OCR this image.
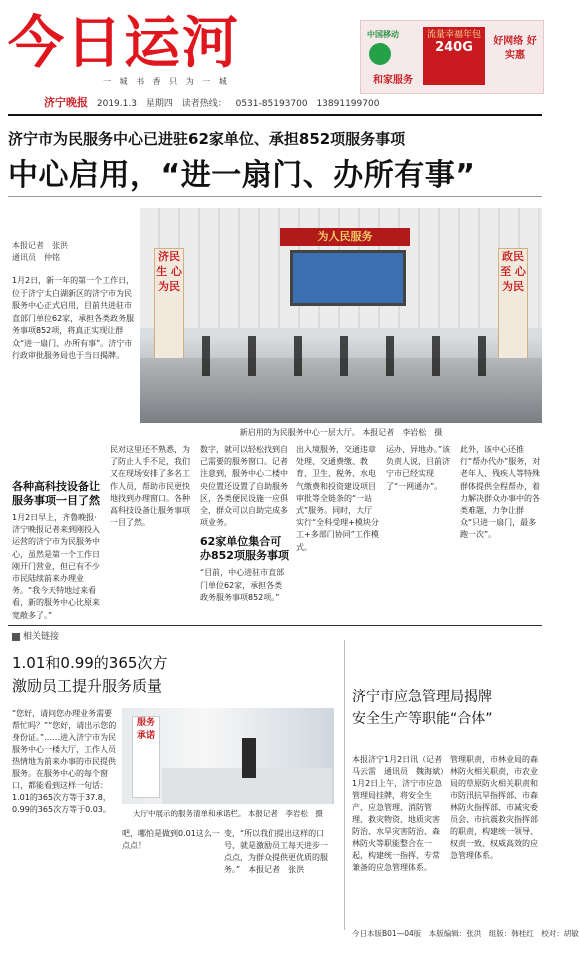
今日运河
一 城 书 香 只 为 一 城
济宁晚报 2019.1.3 星期四 读者热线： 0531-85193700 13891199700
中国移动
和家服务
流量幸福年包
240G	好网络 好实惠
济宁市为民服务中心已进驻62家单位、承担852项服务事项
中心启用，“进一扇门、办所有事”
本报记者　张洪
通讯员　仲铭
1月2日，新一年的第一个工作日，位于济宁太白湖新区的济宁市为民服务中心正式启用，目前共进驻市直部门单位62家，承担各类政务服务事项852项，将真正实现让群众“进一扇门、办所有事”。济宁市行政审批服务局也于当日揭牌。
为人民服务
济民生 心为民
政民至 心为民
新启用的为民服务中心一层大厅。 本报记者　李岩松　摄
各种高科技设备让服务事项一目了然
1月2日早上，齐鲁晚报·济宁晚报记者来到刚投入运营的济宁市为民服务中心，虽然是第一个工作日刚开门营业，但已有不少市民陆续前来办理业务。“我今天特地过来看看，新的服务中心比原来宽敞多了。”
民对这里还不熟悉，为了防止人手不足，我们又在现场安排了多名工作人员，帮助市民更快地找到办理窗口。各种高科技设备让服务事项一目了然。
数字，就可以轻松找到自己需要的服务窗口。记者注意到，服务中心二楼中央位置还设置了自助服务区，各类便民设施一应俱全，群众可以自助完成多项业务。
62家单位集合可办852项服务事项
“目前，中心进驻市直部门单位62家，承担各类政务服务事项852项。”
出入境服务，交通违章处理、交通费缴、教育、卫生、税务、水电气缴费和投资建设项目审批等全链条的“一站式”服务。同时，大厅实行“全科受理+模块分工+多部门协同”工作模式。
运办、异地办。”该负责人说，目前济宁市已经实现了“一网通办”。
此外，该中心还推行“帮办代办”服务，对老年人、残疾人等特殊群体提供全程帮办，着力解决群众办事中的各类难题，力争让群众“只进一扇门，最多跑一次”。
相关链接
1.01和0.99的365次方
激励员工提升服务质量
“您好，请问您办理业务需要帮忙吗？”“您好，请出示您的身份证。”……进入济宁市为民服务中心一楼大厅，工作人员热情地为前来办事的市民提供服务。在服务中心的每个窗口，都能看到这样一句话：1.01的365次方等于37.8，0.99的365次方等于0.03。
服务承诺
大厅中展示的服务清单和承诺栏。 本报记者　李岩松　摄
吧，哪怕是做到0.01这么一点点！
变，“所以我们提出这样的口号，就是激励员工每天进步一点点，为群众提供更优质的服务。”　本报记者　张洪
济宁市应急管理局揭牌
安全生产等职能“合体”
本报济宁1月2日讯（记者　马云雷　通讯员　魏海斌）1月2日上午，济宁市应急管理局挂牌，将安全生产、应急管理、消防管理、救灾物资、地质灾害防治、水旱灾害防治、森林防火等职能整合在一起，构建统一指挥、专常兼备的应急管理体系。
管理职责，市林业局的森林防火相关职责，市农业局的草原防火相关职责和市防汛抗旱指挥部、市森林防火指挥部、市减灾委员会、市抗震救灾指挥部的职责，构建统一领导、权责一致、权威高效的应急管理体系。
今日本版B01—04版　本版编辑：张洪　组版：韩桂红　校对：胡敏
